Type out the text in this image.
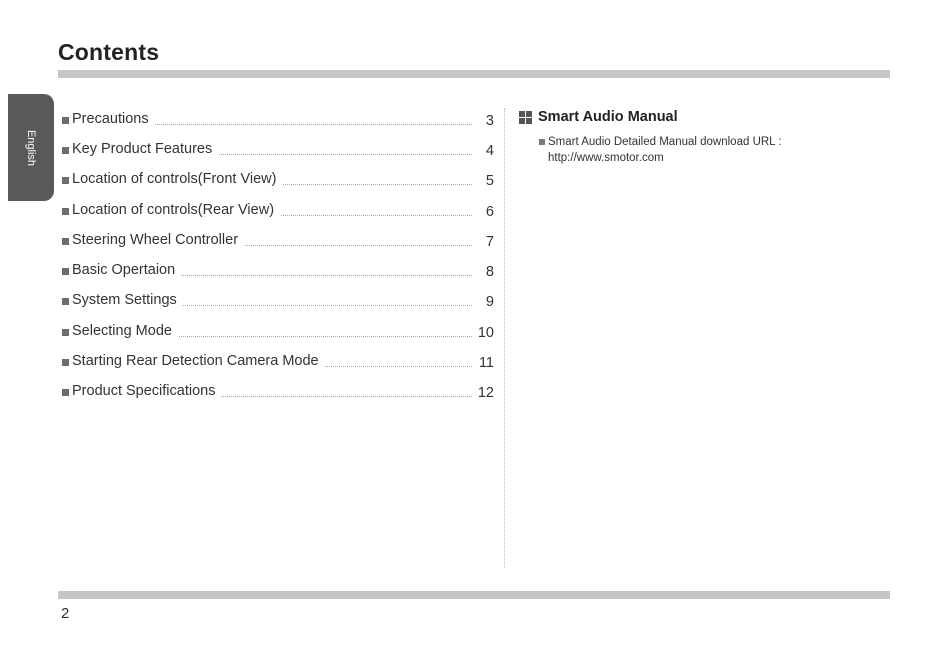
Contents
English
Precautions	3
Key Product Features	4
Location of controls(Front View)	5
Location of controls(Rear View)	6
Steering Wheel Controller	7
Basic Opertaion	8
System Settings	9
Selecting Mode	10
Starting Rear Detection Camera Mode	11
Product Specifications	12
Smart Audio Manual
Smart Audio Detailed Manual download URL :
http://www.smotor.com
2
